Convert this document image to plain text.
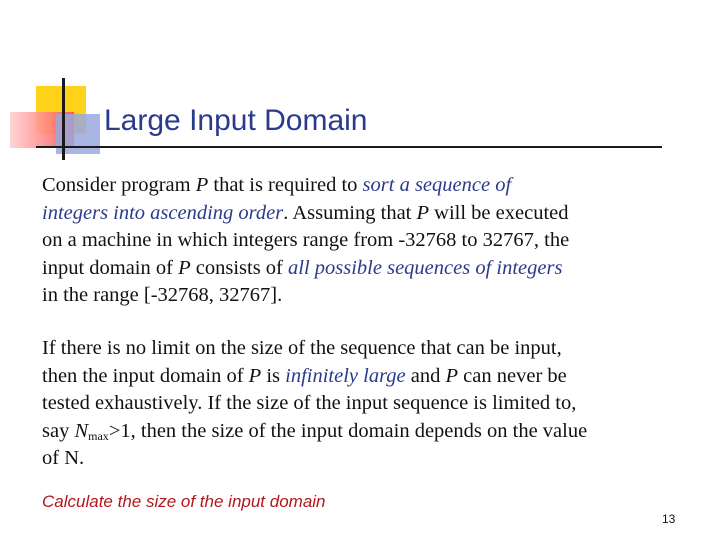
Large Input Domain
Consider program P that is required to sort a sequence of
integers into ascending order. Assuming that P will be executed
on a machine in which integers range from -32768 to 32767, the
input domain of P consists of all possible sequences of integers
in the range [-32768, 32767].
If there is no limit on the size of the sequence that can be input,
then the input domain of P is infinitely large and P can never be
tested exhaustively. If the size of the input sequence is limited to,
say $N_{max}>1$, then the size of the input domain depends on the value
of N.

Calculate the size of the input domain

13
